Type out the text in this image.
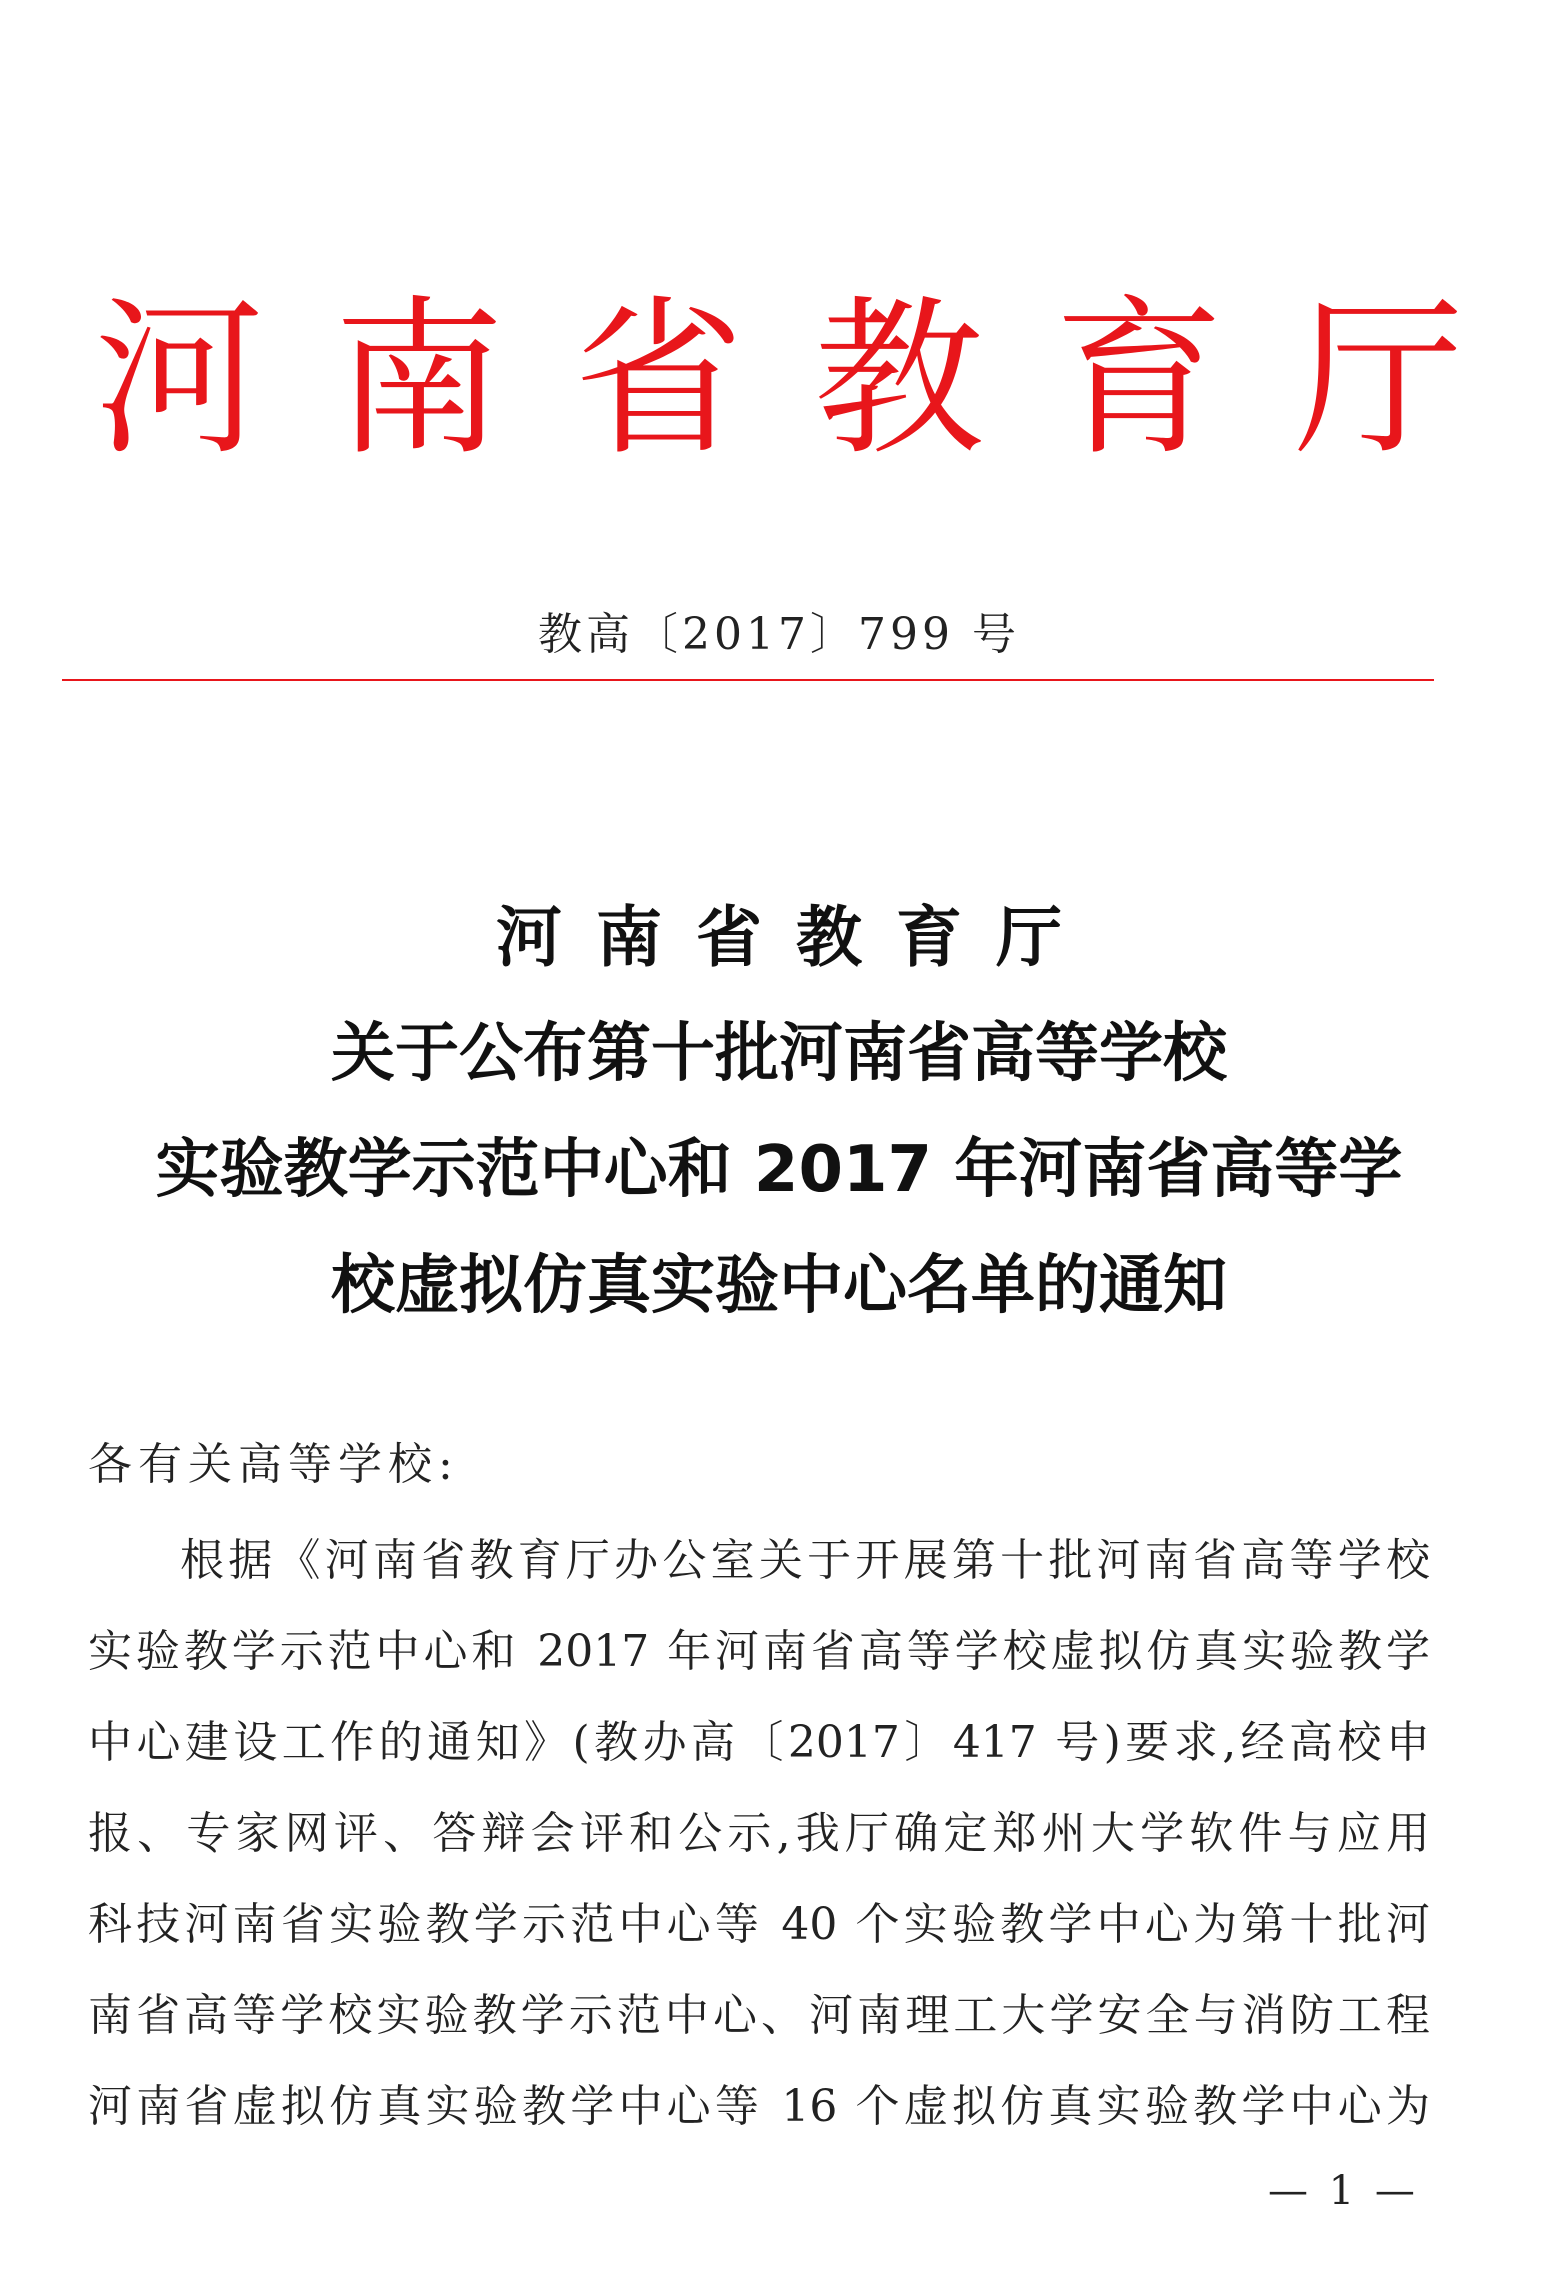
河 南 省 教 育 厅
教高〔2017〕799 号
河南省教育厅
关于公布第十批河南省高等学校
实验教学示范中心和 2017 年河南省高等学
校虚拟仿真实验中心名单的通知
各有关高等学校:
根据《河南省教育厅办公室关于开展第十批河南省高等学校
实验教学示范中心和 2017 年河南省高等学校虚拟仿真实验教学
中心建设工作的通知》(教办高〔2017〕417 号)要求,经高校申
报、专家网评、答辩会评和公示,我厅确定郑州大学软件与应用
科技河南省实验教学示范中心等 40 个实验教学中心为第十批河
南省高等学校实验教学示范中心、河南理工大学安全与消防工程
河南省虚拟仿真实验教学中心等 16 个虚拟仿真实验教学中心为
— 1 —
